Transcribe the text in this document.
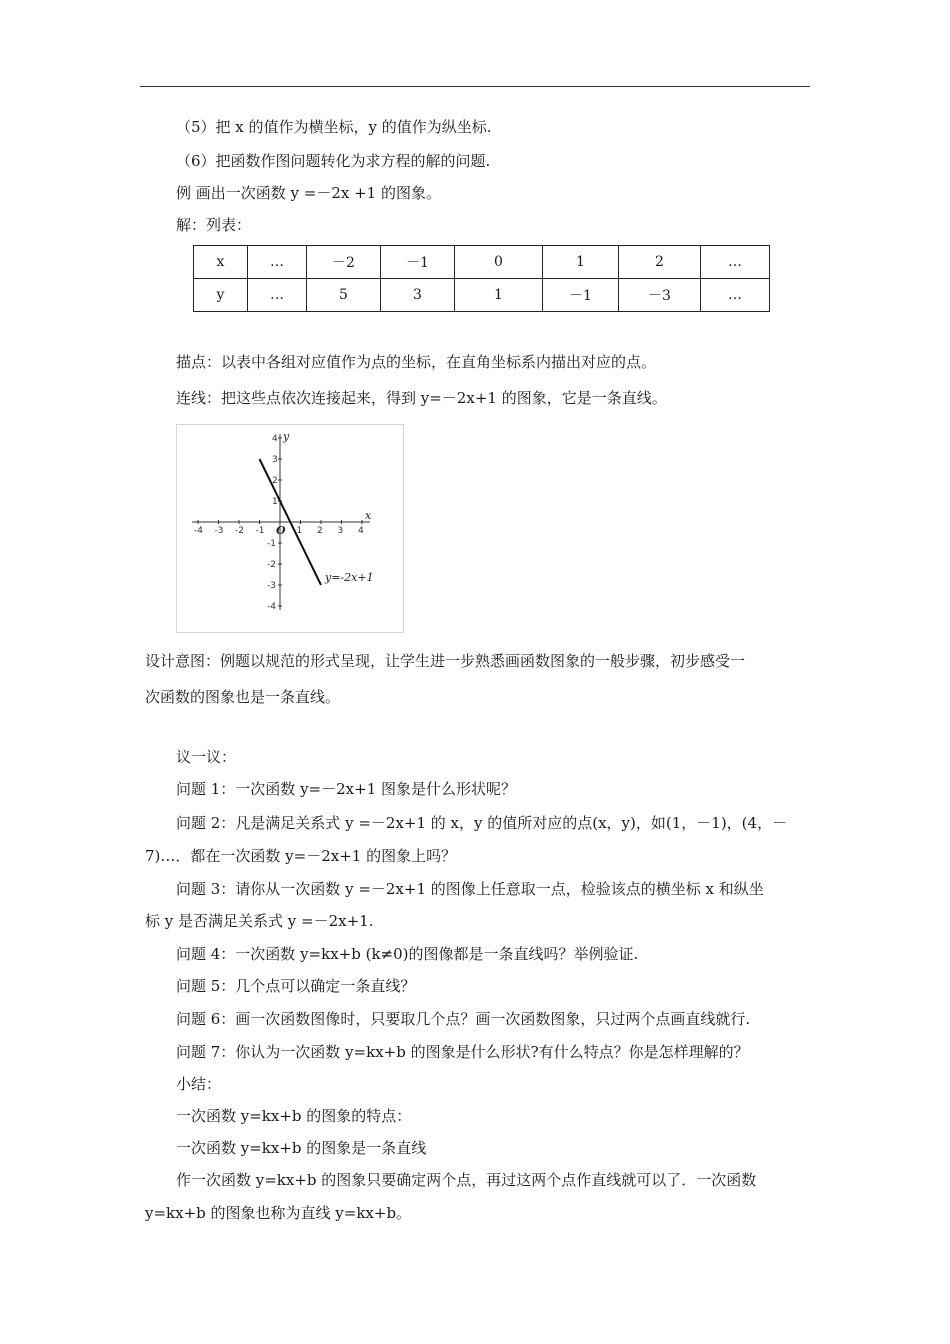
（5）把 x 的值作为横坐标，y 的值作为纵坐标.
（6）把函数作图问题转化为求方程的解的问题.
例 画出一次函数 y =－2x +1 的图象。
解：列表：
x	…	－2	－1	0	1	2	…
y	…	5	3	1	－1	－3	…
描点：以表中各组对应值作为点的坐标，在直角坐标系内描出对应的点。
连线：把这些点依次连接起来，得到 y=－2x+1 的图象，它是一条直线。
-4 -3 -2 -1	1 2 3 4
4
3
2
1
-1
-2
-3
-4
x
y
O
y=-2x+1
设计意图：例题以规范的形式呈现，让学生进一步熟悉画函数图象的一般步骤，初步感受一
次函数的图象也是一条直线。
议一议：
问题 1：一次函数 y=－2x+1 图象是什么形状呢？
问题 2：凡是满足关系式 y =－2x+1 的 x，y 的值所对应的点(x，y)，如(1，－1)，(4，－
7)…．都在一次函数 y=－2x+1 的图象上吗？
问题 3：请你从一次函数 y =－2x+1 的图像上任意取一点，检验该点的横坐标 x 和纵坐
标 y 是否满足关系式 y =－2x+1.
问题 4：一次函数 y=kx+b (k≠0)的图像都是一条直线吗？举例验证.
问题 5：几个点可以确定一条直线？
问题 6：画一次函数图像时，只要取几个点？画一次函数图象，只过两个点画直线就行.
问题 7：你认为一次函数 y=kx+b 的图象是什么形状?有什么特点？你是怎样理解的？
小结：
一次函数 y=kx+b 的图象的特点：
一次函数 y=kx+b 的图象是一条直线
作一次函数 y=kx+b 的图象只要确定两个点，再过这两个点作直线就可以了．一次函数
y=kx+b 的图象也称为直线 y=kx+b。
